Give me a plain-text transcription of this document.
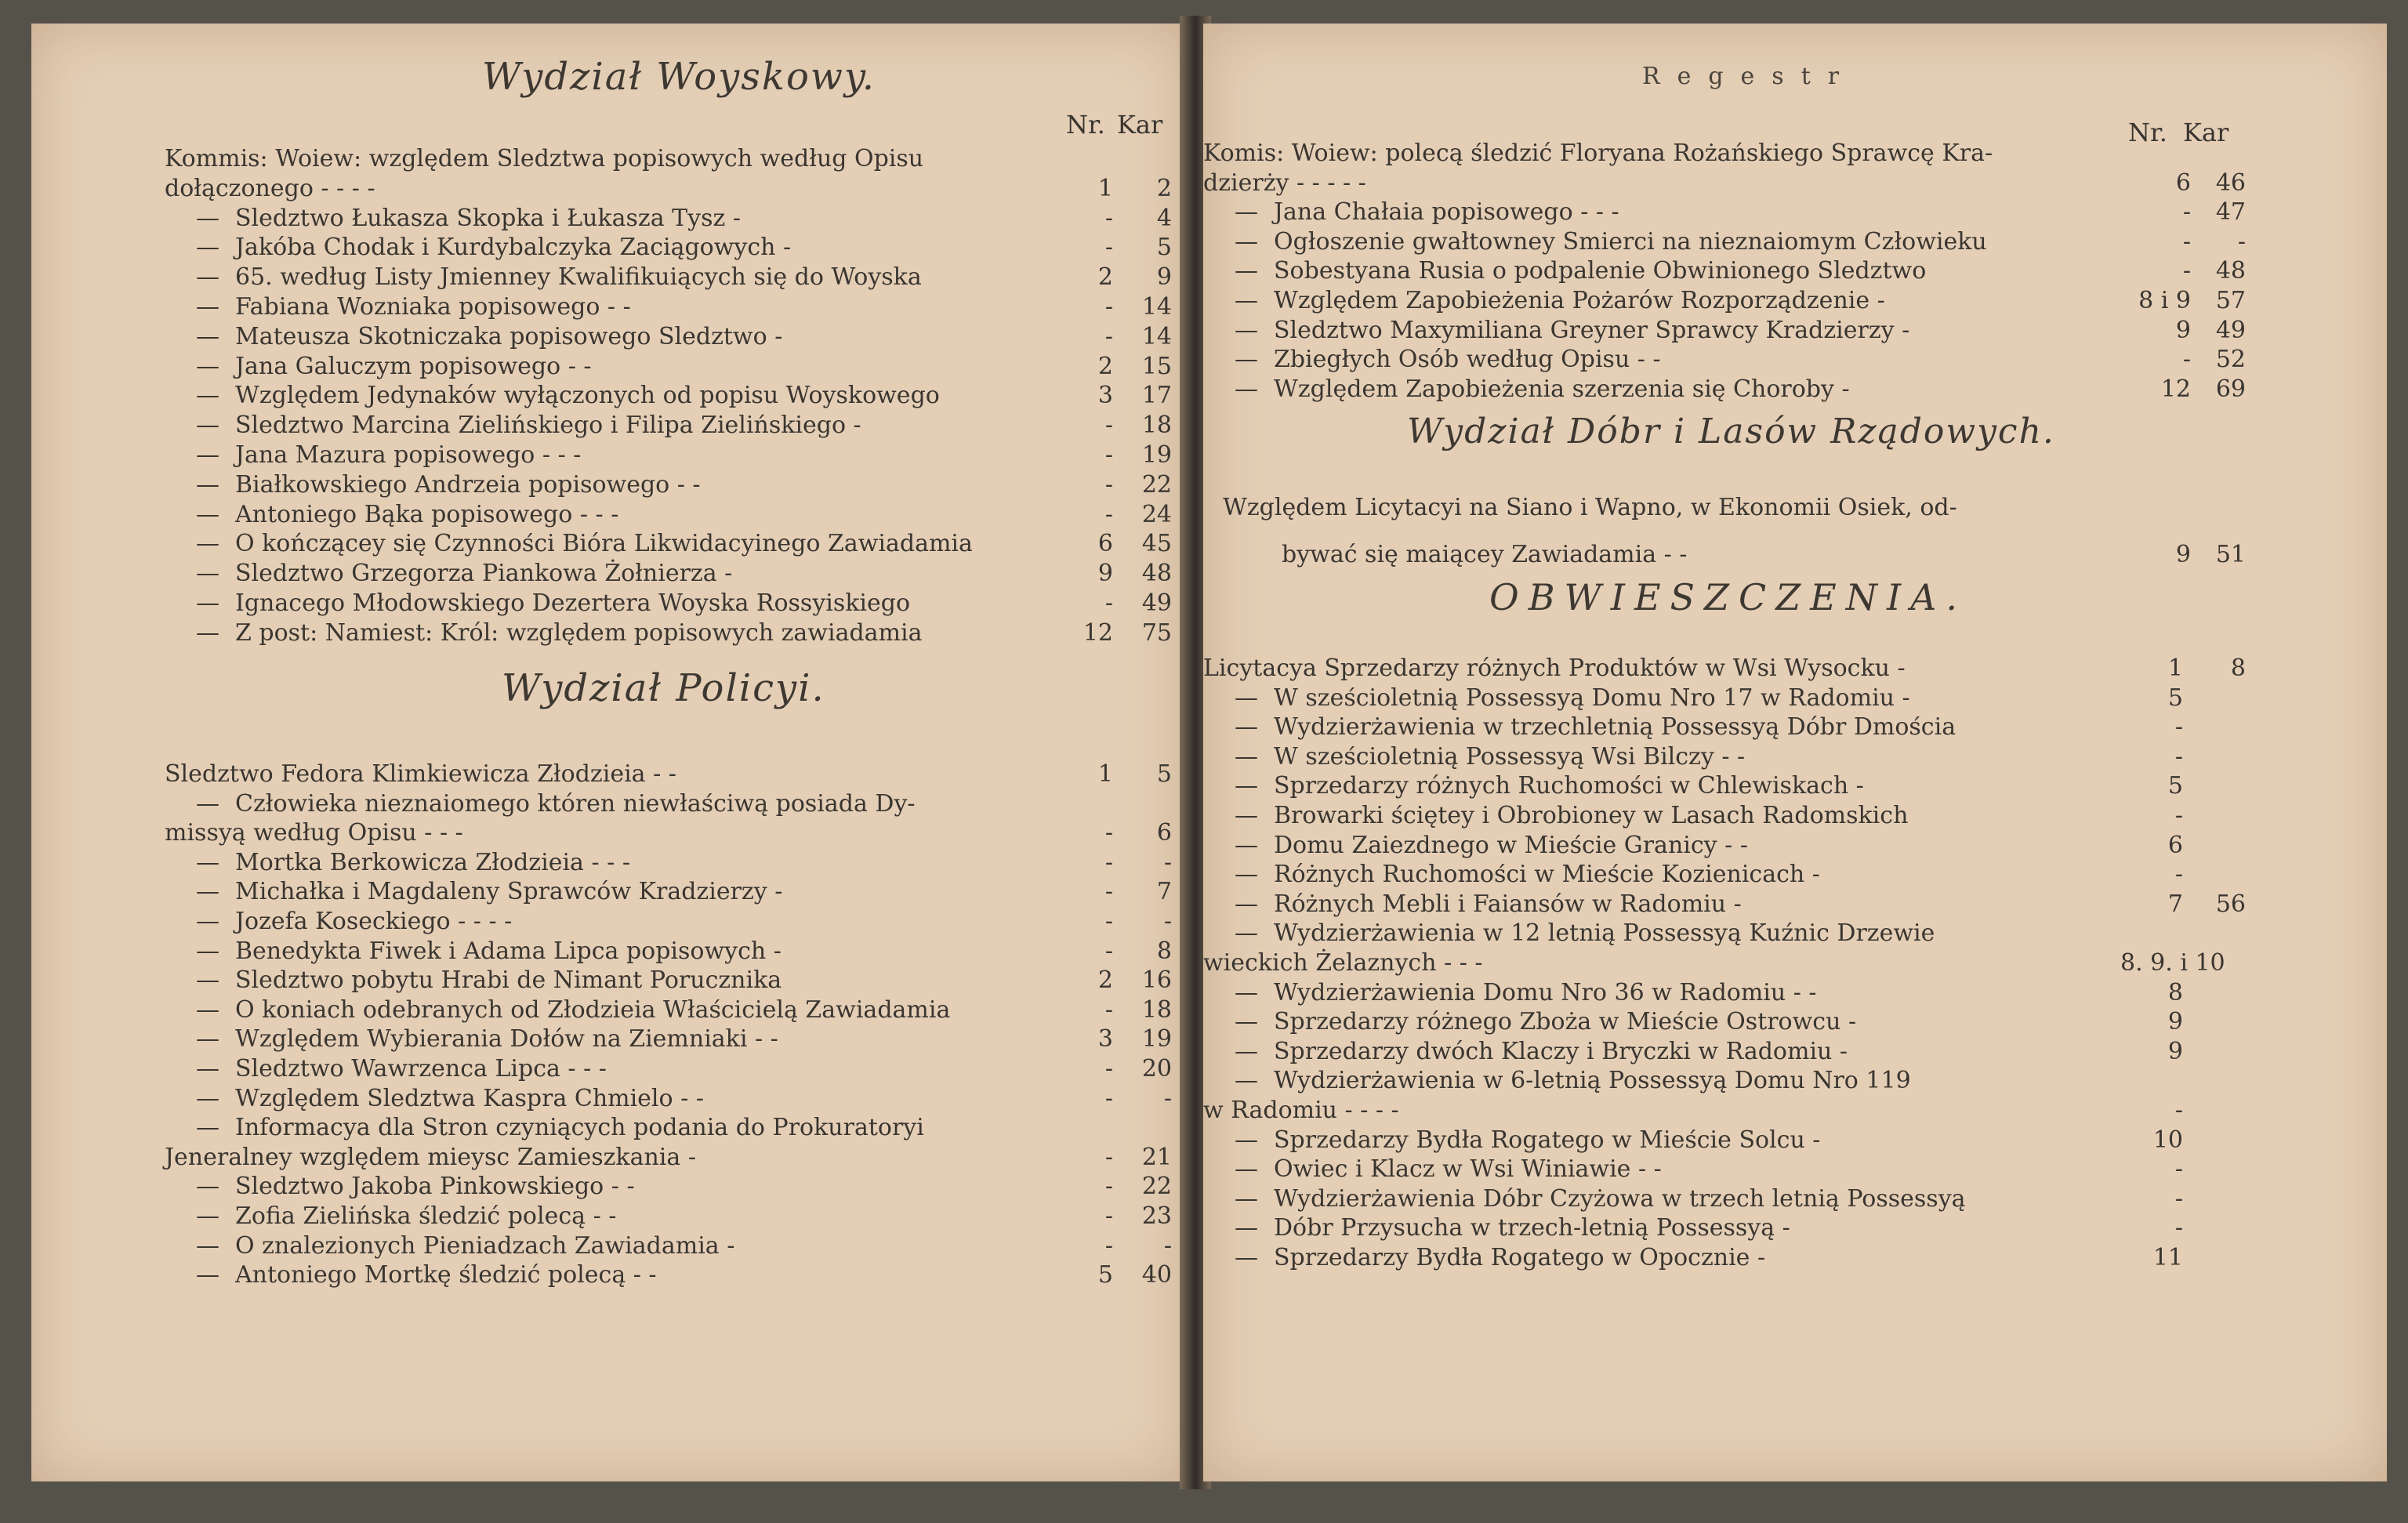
Wydział Woyskowy.
Nr. Kar
Kommis: Woiew: względem Sledztwa popisowych według Opisu
dołączonego - - - -	1	2
— Sledztwo Łukasza Skopka i Łukasza Tysz -	-	4
— Jakóba Chodak i Kurdybalczyka Zaciągowych -	-	5
— 65. według Listy Jmienney Kwalifikuiących się do Woyska	2	9
— Fabiana Wozniaka popisowego - -	-	14
— Mateusza Skotniczaka popisowego Sledztwo -	-	14
— Jana Galuczym popisowego - -	2	15
— Względem Jedynaków wyłączonych od popisu Woyskowego	3	17
— Sledztwo Marcina Zielińskiego i Filipa Zielińskiego -	-	18
— Jana Mazura popisowego - - -	-	19
— Białkowskiego Andrzeia popisowego - -	-	22
— Antoniego Bąka popisowego - - -	-	24
— O kończącey się Czynności Bióra Likwidacyinego Zawiadamia	6	45
— Sledztwo Grzegorza Piankowa Żołnierza -	9	48
— Ignacego Młodowskiego Dezertera Woyska Rossyiskiego	-	49
— Z post: Namiest: Król: względem popisowych zawiadamia	12	75
Wydział Policyi.
Sledztwo Fedora Klimkiewicza Złodzieia - -	1	5
— Człowieka nieznaiomego któren niewłaściwą posiada Dy-
missyą według Opisu - - -	-	6
— Mortka Berkowicza Złodzieia - - -	-	-
— Michałka i Magdaleny Sprawców Kradzierzy -	-	7
— Jozefa Koseckiego - - - -	-	-
— Benedykta Fiwek i Adama Lipca popisowych -	-	8
— Sledztwo pobytu Hrabi de Nimant Porucznika	2	16
— O koniach odebranych od Złodzieia Właścicielą Zawiadamia	-	18
— Względem Wybierania Dołów na Ziemniaki - -	3	19
— Sledztwo Wawrzenca Lipca - - -	-	20
— Względem Sledztwa Kaspra Chmielo - -	-	-
— Informacya dla Stron czyniących podania do Prokuratoryi
Jeneralney względem mieysc Zamieszkania -	-	21
— Sledztwo Jakoba Pinkowskiego - -	-	22
— Zofia Zielińska śledzić polecą - -	-	23
— O znalezionych Pieniadzach Zawiadamia -	-	-
— Antoniego Mortkę śledzić polecą - -	5	40
Regestr
Nr. Kar
Komis: Woiew: polecą śledzić Floryana Rożańskiego Sprawcę Kra-
dzierży - - - - -	6	46
— Jana Chałaia popisowego - - -	-	47
— Ogłoszenie gwałtowney Smierci na nieznaiomym Człowieku	-	-
— Sobestyana Rusia o podpalenie Obwinionego Sledztwo	-	48
— Względem Zapobieżenia Pożarów Rozporządzenie -	8 i 9	57
— Sledztwo Maxymiliana Greyner Sprawcy Kradzierzy -	9	49
— Zbiegłych Osób według Opisu - -	-	52
— Względem Zapobieżenia szerzenia się Choroby -	12	69
Wydział Dóbr i Lasów Rządowych.
Względem Licytacyi na Siano i Wapno, w Ekonomii Osiek, od-
bywać się maiącey Zawiadamia - -	9	51
OBWIESZCZENIA.
Licytacya Sprzedarzy różnych Produktów w Wsi Wysocku -	1	8
— W sześcioletnią Possessyą Domu Nro 17 w Radomiu -	5
— Wydzierżawienia w trzechletnią Possessyą Dóbr Dmościa	-
— W sześcioletnią Possessyą Wsi Bilczy - -	-
— Sprzedarzy różnych Ruchomości w Chlewiskach -	5
— Browarki ściętey i Obrobioney w Lasach Radomskich	-
— Domu Zaiezdnego w Mieście Granicy - -	6
— Różnych Ruchomości w Mieście Kozienicach -	-
— Różnych Mebli i Faiansów w Radomiu -	7	56
— Wydzierżawienia w 12 letnią Possessyą Kuźnic Drzewie
wieckich Żelaznych - - -	8. 9. i 10
— Wydzierżawienia Domu Nro 36 w Radomiu - -	8
— Sprzedarzy różnego Zboża w Mieście Ostrowcu -	9
— Sprzedarzy dwóch Klaczy i Bryczki w Radomiu -	9
— Wydzierżawienia w 6-letnią Possessyą Domu Nro 119
w Radomiu - - - -	-
— Sprzedarzy Bydła Rogatego w Mieście Solcu -	10
— Owiec i Klacz w Wsi Winiawie - -	-
— Wydzierżawienia Dóbr Czyżowa w trzech letnią Possessyą	-
— Dóbr Przysucha w trzech-letnią Possessyą -	-
— Sprzedarzy Bydła Rogatego w Opocznie -	11
